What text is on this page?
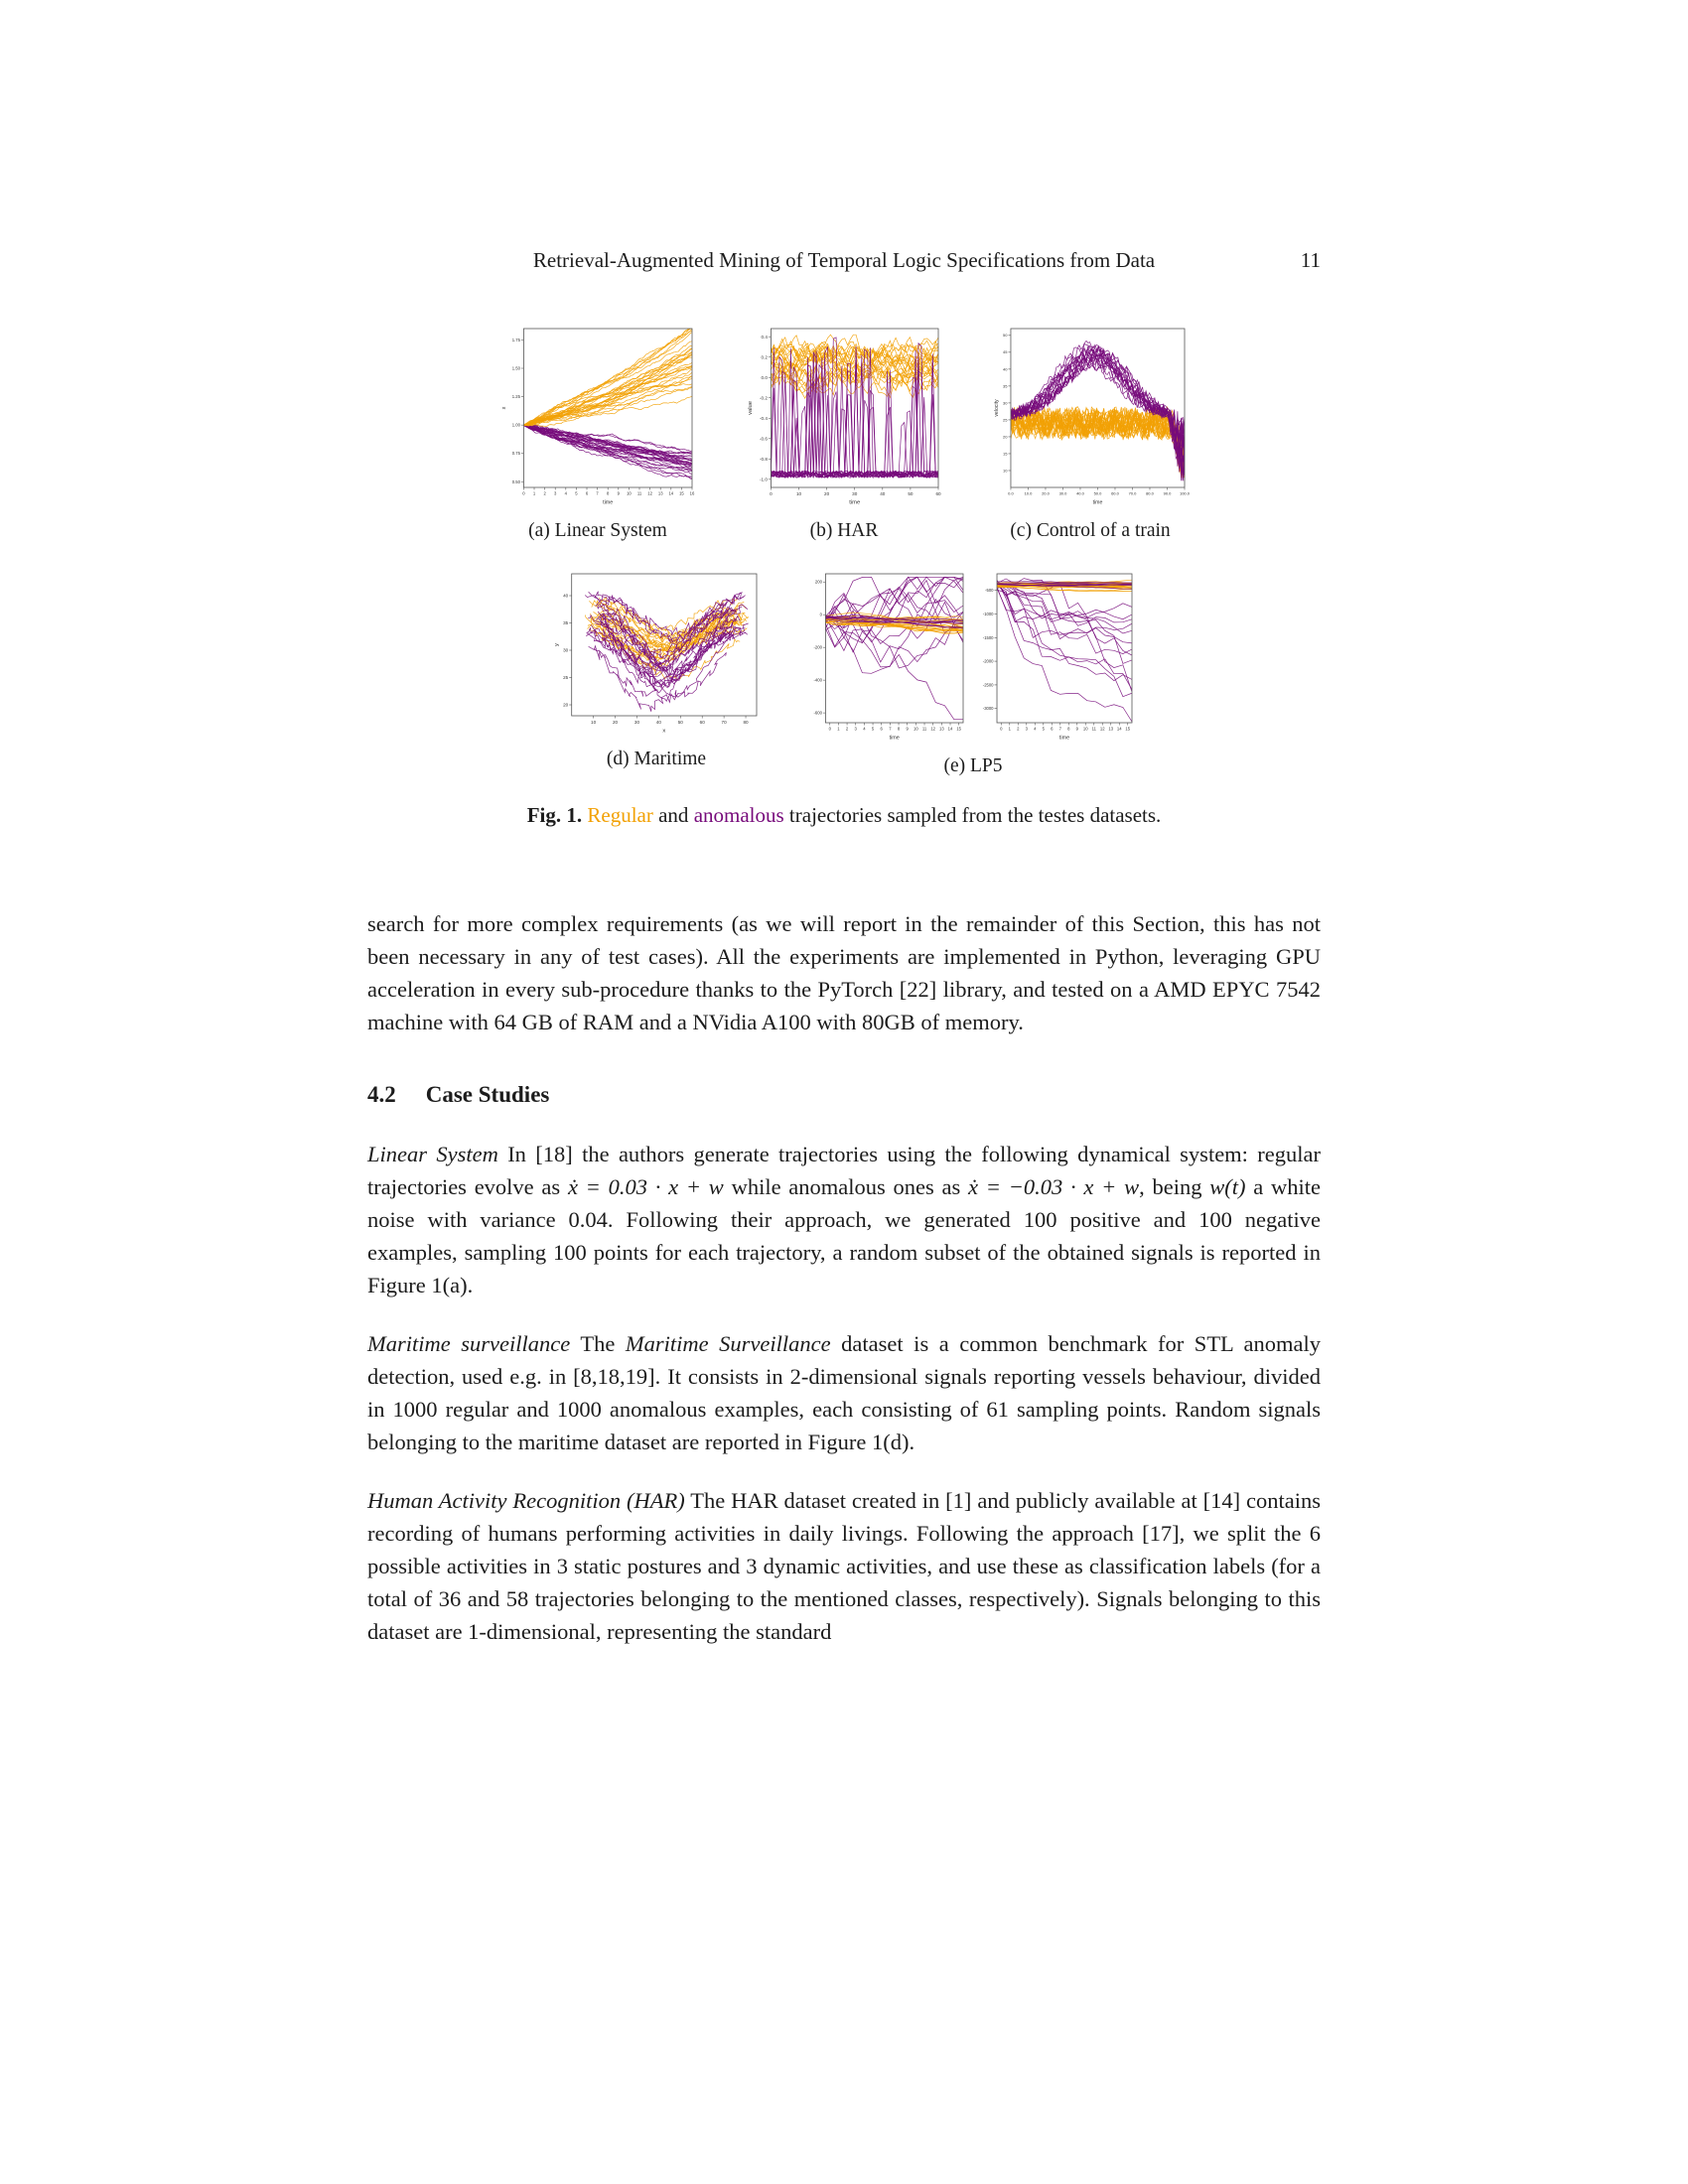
Retrieval-Augmented Mining of Temporal Logic Specifications from Data	11
0 1 2 3 4 5 6 7 8 9 10 11 12 13 14 15 16
0.50
0.75
1.00
1.25
1.50
1.75
time
x
(a) Linear System
0	10	20	30	40	50	60
-1.0
-0.8
-0.6
-0.4
-0.2
0.0
0.2
0.4
time
value
(b) HAR
0.0	10.0 20.0 30.0 40.0 50.0 60.0 70.0 80.0 90.0 100.0
10
15
20
25
30
35
40
45
50
time
velocity
(c) Control of a train
10	20	30	40	50	60	70	80
20
25
30
35
40
x
y
(d) Maritime
0 1 2 3 4 5 6 7 8 9 10 11 12 13 14 15
-600
-400
-200
0
200
time
0 1 2 3 4 5 6 7 8 9 10 11 12 13 14 15
-3000
-2500
-2000
-1500
-1000
-500
time
(e) LP5
Fig. 1. Regular and anomalous trajectories sampled from the testes datasets.

search for more complex requirements (as we will report in the remainder of this Section, this has not been necessary in any of test cases). All the experiments are implemented in Python, leveraging GPU acceleration in every sub-procedure thanks to the PyTorch [22] library, and tested on a AMD EPYC 7542 machine with 64 GB of RAM and a NVidia A100 with 80GB of memory.

4.2 Case Studies

Linear System In [18] the authors generate trajectories using the following dynamical system: regular trajectories evolve as ẋ = 0.03 · x + w while anomalous ones as ẋ = −0.03 · x + w, being w(t) a white noise with variance 0.04. Following their approach, we generated 100 positive and 100 negative examples, sampling 100 points for each trajectory, a random subset of the obtained signals is reported in Figure 1(a).

Maritime surveillance The Maritime Surveillance dataset is a common benchmark for STL anomaly detection, used e.g. in [8,18,19]. It consists in 2-dimensional signals reporting vessels behaviour, divided in 1000 regular and 1000 anomalous examples, each consisting of 61 sampling points. Random signals belonging to the maritime dataset are reported in Figure 1(d).

Human Activity Recognition (HAR) The HAR dataset created in [1] and publicly available at [14] contains recording of humans performing activities in daily livings. Following the approach [17], we split the 6 possible activities in 3 static postures and 3 dynamic activities, and use these as classification labels (for a total of 36 and 58 trajectories belonging to the mentioned classes, respectively). Signals belonging to this dataset are 1-dimensional, representing the standard
